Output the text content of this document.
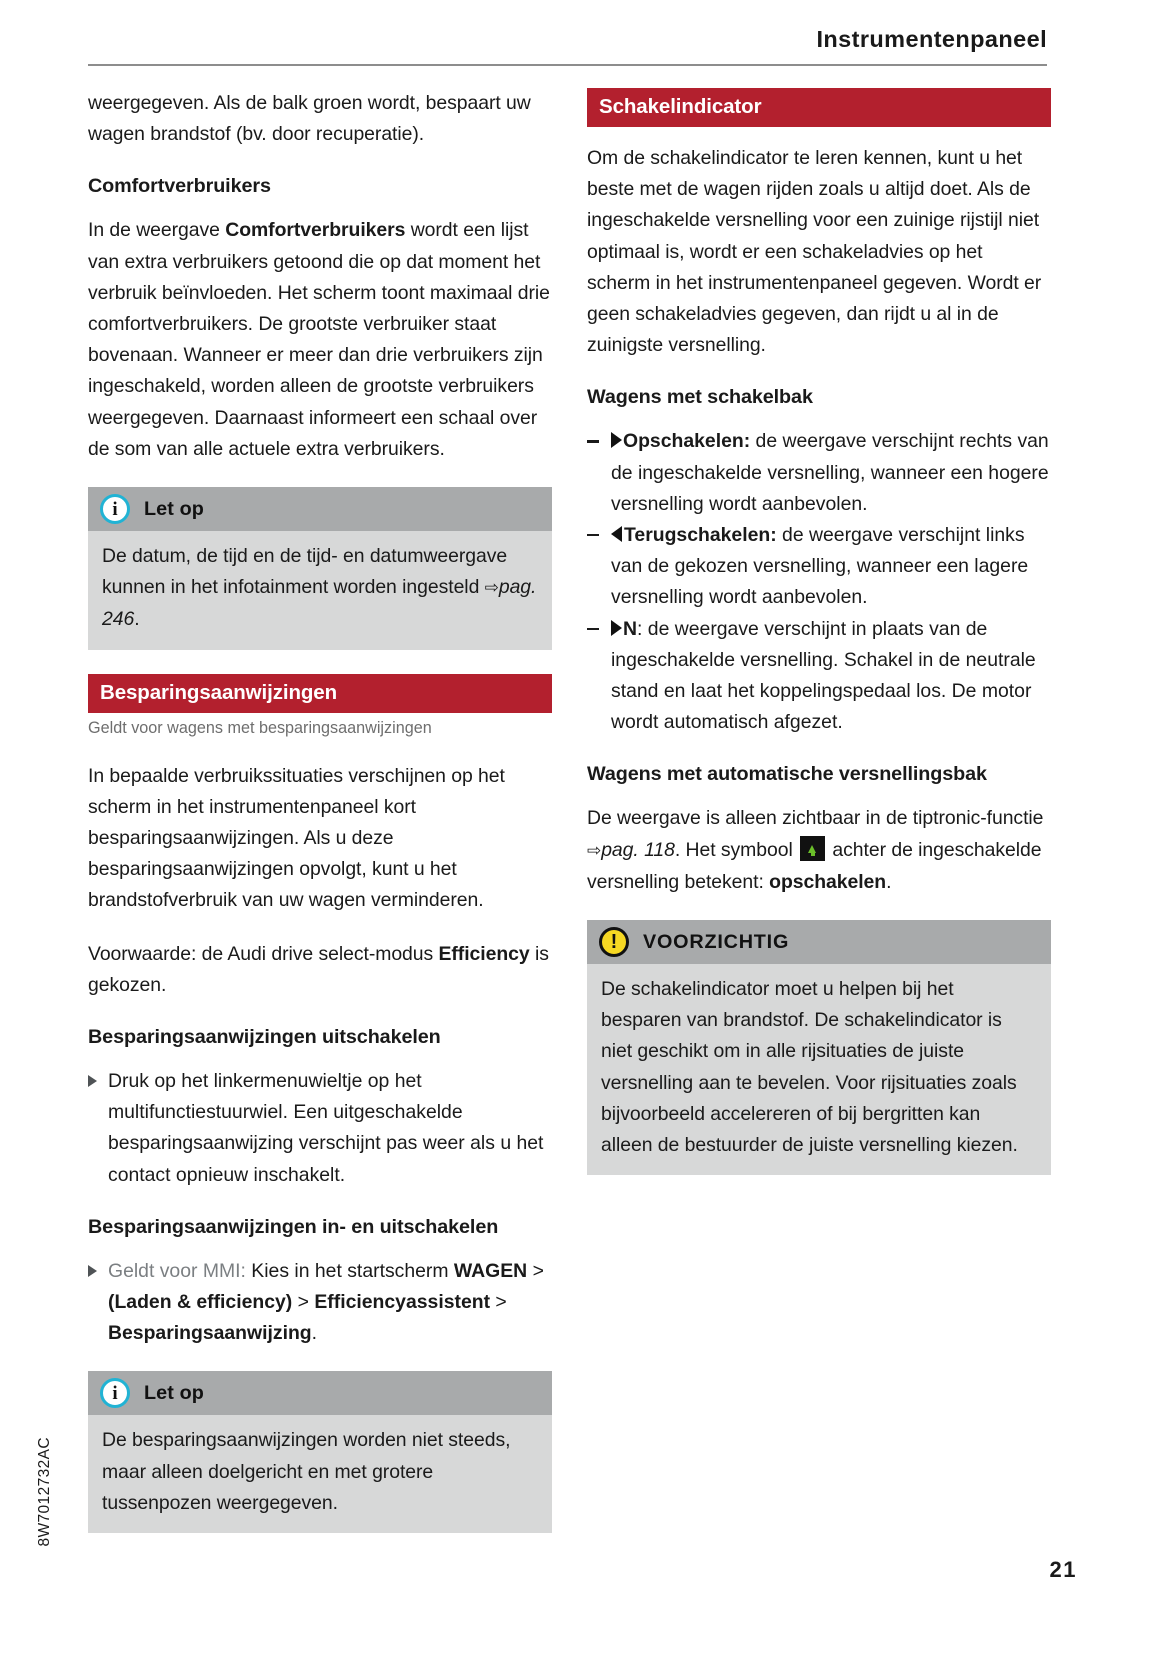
Instrumentenpaneel

weergegeven. Als de balk groen wordt, bespaart uw wagen brandstof (bv. door recuperatie).

Comfortverbruikers

In de weergave Comfortverbruikers wordt een lijst van extra verbruikers getoond die op dat moment het verbruik beïnvloeden. Het scherm toont maximaal drie comfortverbruikers. De grootste verbruiker staat bovenaan. Wanneer er meer dan drie verbruikers zijn ingeschakeld, worden alleen de grootste verbruikers weergegeven. Daarnaast informeert een schaal over de som van alle actuele extra verbruikers.

i	Let op

De datum, de tijd en de tijd- en datumweergave kunnen in het infotainment worden ingesteld ⇨pag. 246.

Besparingsaanwijzingen
Geldt voor wagens met besparingsaanwijzingen

In bepaalde verbruikssituaties verschijnen op het scherm in het instrumentenpaneel kort besparingsaanwijzingen. Als u deze besparingsaanwijzingen opvolgt, kunt u het brandstofverbruik van uw wagen verminderen.

Voorwaarde: de Audi drive select-modus Efficiency is gekozen.

Besparingsaanwijzingen uitschakelen
Druk op het linkermenuwieltje op het multifunctiestuurwiel. Een uitgeschakelde besparingsaanwijzing verschijnt pas weer als u het contact opnieuw inschakelt.
Besparingsaanwijzingen in- en uitschakelen
Geldt voor MMI: Kies in het startscherm WAGEN > (Laden & efficiency) > Efficiencyassistent > Besparingsaanwijzing.
i	Let op

De besparingsaanwijzingen worden niet steeds, maar alleen doelgericht en met grotere tussenpozen weergegeven.

Schakelindicator

Om de schakelindicator te leren kennen, kunt u het beste met de wagen rijden zoals u altijd doet. Als de ingeschakelde versnelling voor een zuinige rijstijl niet optimaal is, wordt er een schakeladvies op het scherm in het instrumentenpaneel gegeven. Wordt er geen schakeladvies gegeven, dan rijdt u al in de zuinigste versnelling.

Wagens met schakelbak
Opschakelen: de weergave verschijnt rechts van de ingeschakelde versnelling, wanneer een hogere versnelling wordt aanbevolen.
Terugschakelen: de weergave verschijnt links van de gekozen versnelling, wanneer een lagere versnelling wordt aanbevolen.
N: de weergave verschijnt in plaats van de ingeschakelde versnelling. Schakel in de neutrale stand en laat het koppelingspedaal los. De motor wordt automatisch afgezet.
Wagens met automatische versnellingsbak

De weergave is alleen zichtbaar in de tiptronic-functie ⇨pag. 118. Het symbool  achter de ingeschakelde versnelling betekent: opschakelen.

!	VOORZICHTIG

De schakelindicator moet u helpen bij het besparen van brandstof. De schakelindicator is niet geschikt om in alle rijsituaties de juiste versnelling aan te bevelen. Voor rijsituaties zoals bijvoorbeeld accelereren of bij bergritten kan alleen de bestuurder de juiste versnelling kiezen.

8W7012732AC
21
